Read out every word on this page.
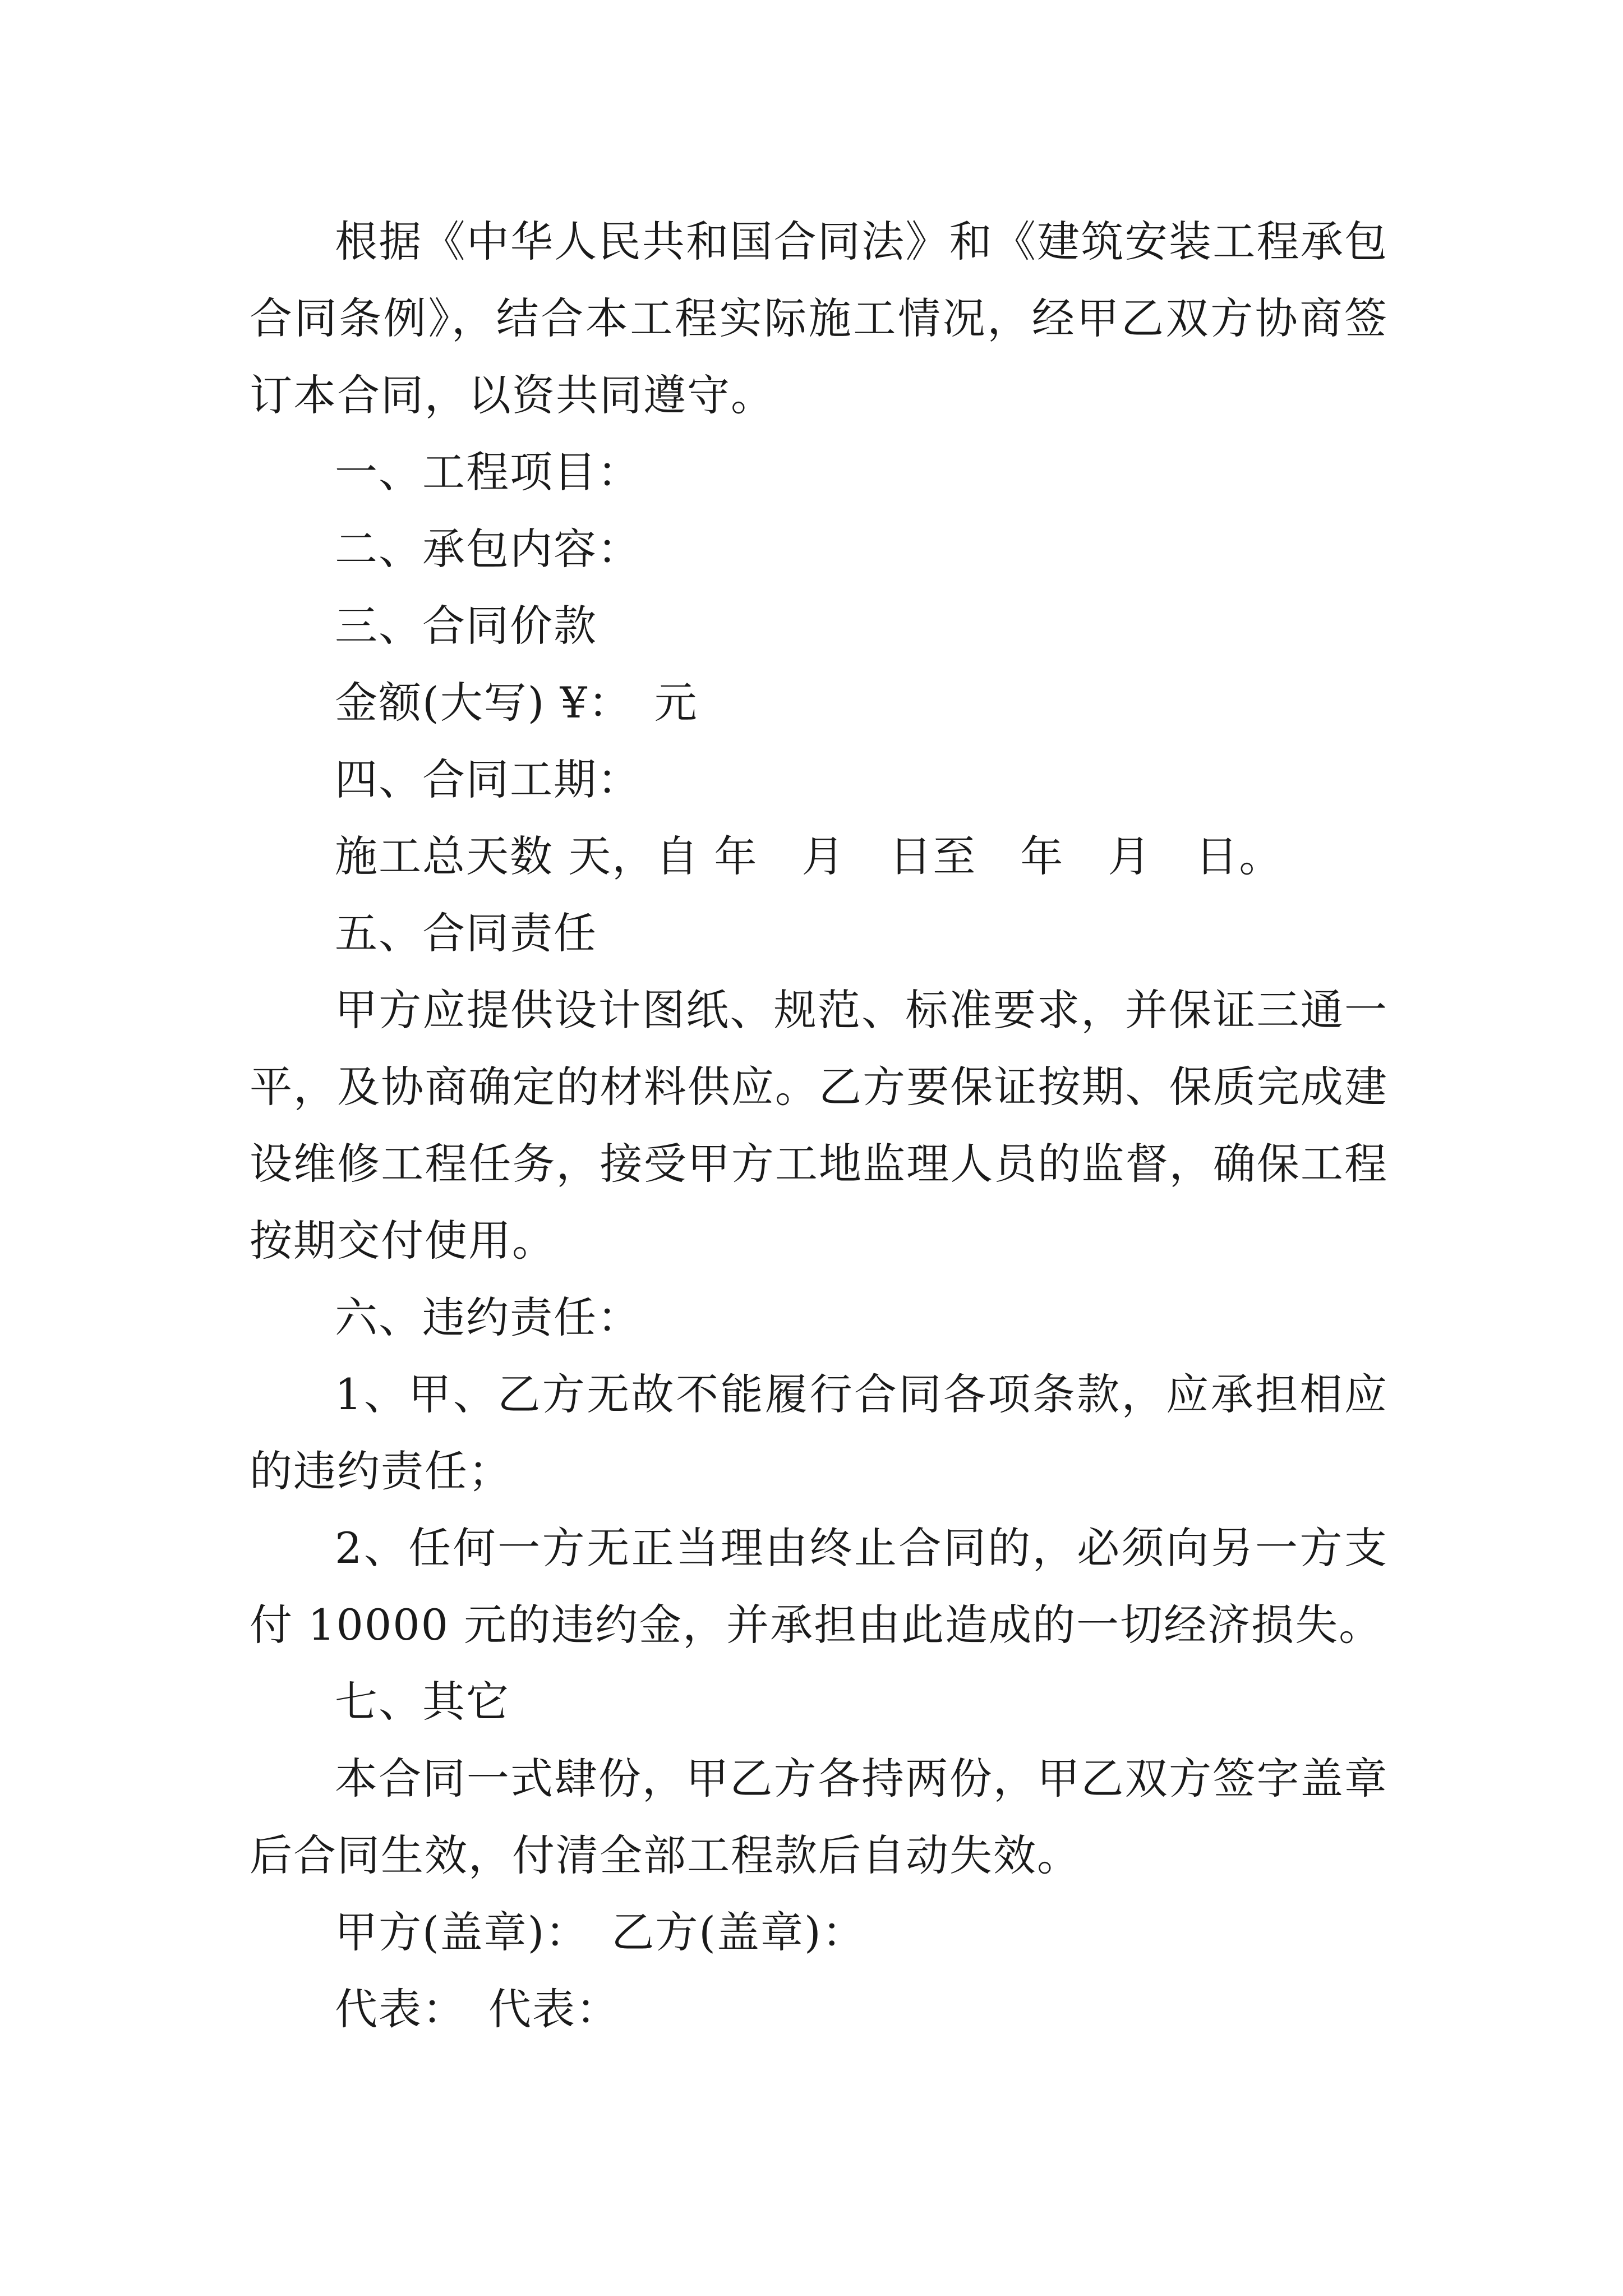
根据《中华人民共和国合同法》和《建筑安装工程承包合同条例》，结合本工程实际施工情况，经甲乙双方协商签订本合同，以资共同遵守。

一、工程项目：

二、承包内容：

三、合同价款

金额(大写) ¥：　元

四、合同工期：

施工总天数 天，自 年　月　日至　年　月　日。

五、合同责任

甲方应提供设计图纸、规范、标准要求，并保证三通一平，及协商确定的材料供应。乙方要保证按期、保质完成建设维修工程任务，接受甲方工地监理人员的监督，确保工程按期交付使用。

六、违约责任：

1、甲、乙方无故不能履行合同各项条款，应承担相应的违约责任；

2、任何一方无正当理由终止合同的，必须向另一方支付 10000 元的违约金，并承担由此造成的一切经济损失。

七、其它

本合同一式肆份，甲乙方各持两份，甲乙双方签字盖章后合同生效，付清全部工程款后自动失效。

甲方(盖章)：　乙方(盖章)：

代表：　代表：
